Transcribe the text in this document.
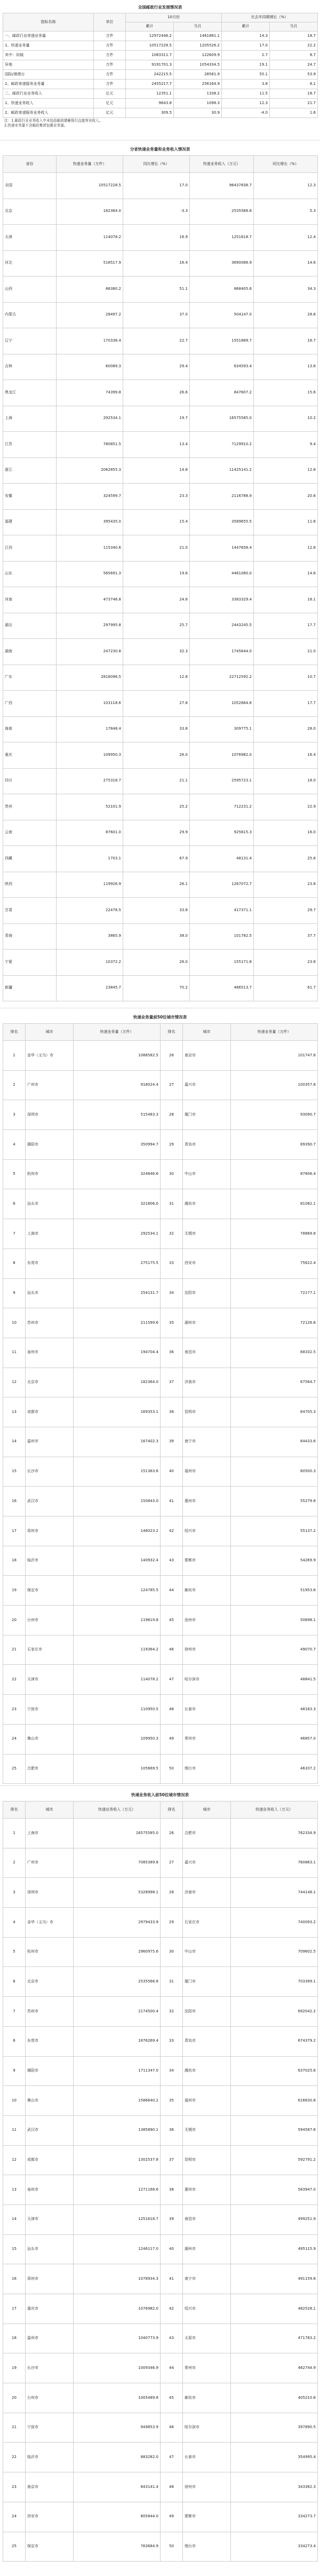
全国邮政行业发展情况表
指标名称	单位	10月份		比去年同期增长（%）	
		累计	当月	累计	当月
一、邮政行业寄递业务量	万件	12972446.2	1461881.1	14.3	18.7
1、快递业务量	万件	10517228.5	1205526.2	17.0	22.2
其中：同城	万件	1083311.7	122609.9	2.7	8.7
异地	万件	9191701.3	1054334.5	19.1	24.7
国际/港澳台	万件	242215.5	28581.9	55.1	53.9
2、邮政寄递服务业务量	万件	2455217.7	256164.9	3.8	8.1
二、邮政行业业务收入	亿元	12351.1	1338.2	11.5	18.7
1、快递业务收入	亿元	9643.8	1098.3	12.3	21.7
2、邮政寄递服务业务收入	亿元	309.5	30.9	-4.0	1.6
注：1.邮政行业业务收入中未包括邮政储蓄银行直接营业收入。
2.快递业务量不含邮政集团包裹业务量。
分省快递业务量和业务收入情况表
省份	快递业务量（万件）	同比增长（%）	快递业务收入（万元）	同比增长（%）
全国	10517228.5	17.0	96437838.7	12.3
北京	182364.0	-3.3	2535566.8	5.3
天津	114078.2	16.9	1251618.7	12.4
河北	518517.9	16.4	3690086.9	14.6
山西	88380.2	51.1	868405.6	34.3
内蒙古	28497.2	37.0	504147.0	28.6
辽宁	170336.4	22.7	1551889.7	16.7
吉林	60089.3	29.4	634593.4	13.6
黑龙江	74399.8	26.6	847607.2	15.6
上海	292534.1	19.7	16575585.0	10.2
江苏	780851.5	13.4	7129910.2	9.4
浙江	2062855.3	14.8	11425141.2	12.8
安徽	324599.7	23.3	2116788.9	20.6
福建	395435.0	15.4	3589655.5	11.6
江西	115340.6	21.0	1447658.4	12.6
山东	565691.3	19.6	4461080.0	14.6
河南	473746.8	24.6	3383329.4	16.1
湖北	297995.8	25.7	2443245.5	17.7
湖南	247230.8	32.3	1745644.0	21.0
广东	2818096.5	12.8	22712592.2	10.7
广西	103118.6	27.8	1052864.6	17.7
海南	17848.4	33.8	309775.1	28.0
重庆	109950.3	26.0	1076982.0	16.4
四川	275318.7	21.1	2595723.1	18.0
贵州	52101.9	25.2	712231.2	22.9
云南	87601.0	29.9	925615.3	16.0
西藏	1703.1	67.9	48131.4	25.6
陕西	119926.9	26.1	1267072.7	23.8
甘肃	22478.5	33.8	417371.1	29.7
青海	3865.9	38.0	101782.5	37.7
宁夏	10372.2	26.0	155171.8	23.6
新疆	23845.7	70.2	486513.7	61.7
快递业务量前50位城市情况表
排名	城市	快递业务量（万件）	排名	城市	快递业务量（万件）
1	金华（义乌）市	1088582.5	26	南京市	101747.6
2	广州市	918024.4	27	嘉兴市	100357.8
3	深圳市	515483.3	28	厦门市	93090.7
4	揭阳市	350994.7	29	青岛市	89390.7
5	杭州市	324846.6	30	中山市	87806.4
6	汕头市	321606.0	31	潍坊市	81082.1
7	上海市	292534.1	32	无锡市	78869.8
8	东莞市	275175.5	33	西安市	75622.4
9	汕头市	254131.7	34	沈阳市	72177.1
10	苏州市	211599.6	35	湖州市	72126.6
11	泉州市	194704.4	36	南昌市	68332.5
12	北京市	182364.0	37	济南市	67564.7
13	成都市	169353.1	38	昆明市	64705.3
14	温州市	167402.3	39	南宁市	64433.6
15	长沙市	151363.6	40	福州市	60500.3
16	武汉市	150843.0	41	惠州市	55279.8
17	郑州市	146023.2	42	绍兴市	55137.2
18	临沂市	140932.4	43	邯郸市	54269.9
19	保定市	124785.5	44	廊坊市	51953.6
20	台州市	119619.8	45	沧州市	50698.1
21	石家庄市	119364.2	46	徐州市	49070.7
22	天津市	114078.2	47	哈尔滨市	48841.5
23	宁波市	110950.5	48	长春市	48183.3
24	佛山市	109950.3	49	常州市	46857.0
25	合肥市	105669.5	50	烟台市	46337.2
快递业务收入前50位城市情况表
排名	城市	快递业务收入（万元）	排名	城市	快递业务收入（万元）
1	上海市	16575585.0	26	合肥市	762334.9
2	广州市	7085389.8	27	嘉兴市	760863.1
3	深圳市	5328998.1	28	济南市	744148.1
4	金华（义乌）市	2979433.9	29	石家庄市	740093.2
5	杭州市	2960975.6	30	中山市	709602.5
6	北京市	2535566.8	31	厦门市	703399.1
7	苏州市	2174500.4	32	沈阳市	692042.2
8	东莞市	1876269.4	33	青岛市	674379.2
9	揭阳市	1711347.0	34	潍坊市	637025.6
10	佛山市	1586640.2	35	福州市	616630.8
11	武汉市	1385890.1	36	无锡市	594587.6
12	成都市	1302537.8	37	昆明市	592791.2
13	泉州市	1271168.6	38	惠州市	583947.0
14	天津市	1251618.7	39	南昌市	499251.9
15	汕头市	1246117.0	40	湖州市	495115.9
16	郑州市	1078934.3	41	南宁市	491159.8
17	重庆市	1076982.0	42	绍兴市	482528.1
18	温州市	1040773.9	43	太原市	471783.2
19	长沙市	1009346.9	44	常州市	462744.9
20	台州市	1005489.8	45	廊坊市	405210.6
21	宁波市	949853.9	46	哈尔滨市	397890.5
22	临沂市	883282.0	47	长春市	354995.4
23	南京市	843141.4	48	徐州市	343362.3
24	西安市	805844.0	49	邯郸市	334273.7
25	保定市	763684.9	50	烟台市	334273.4
